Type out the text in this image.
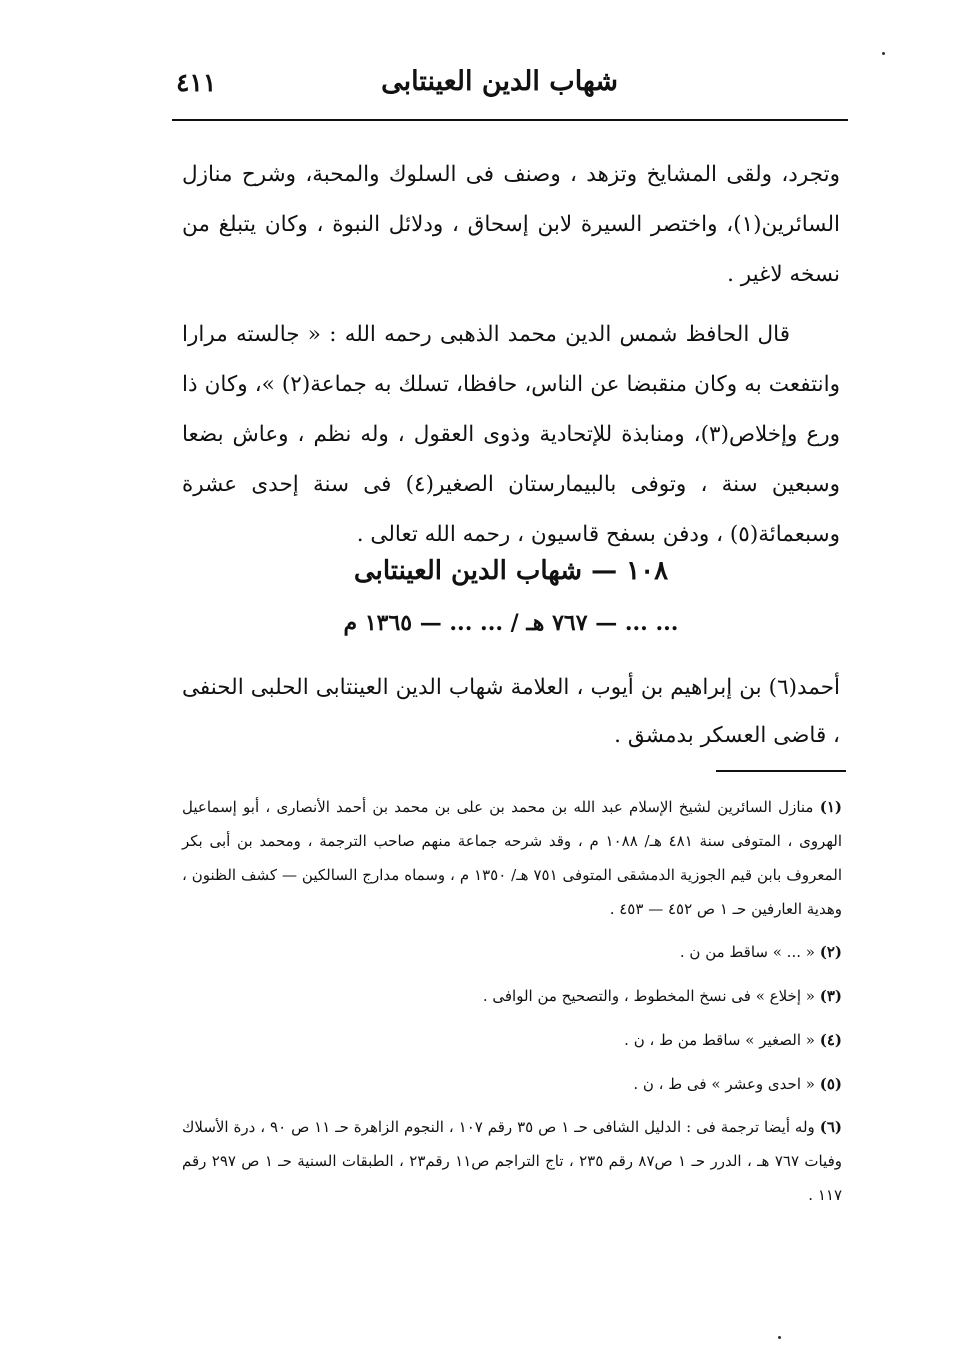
شهاب الدين العينتابى
٤١١

وتجرد، ولقى المشايخ وتزهد ، وصنف فى السلوك والمحبة، وشرح منازل السائرين(١)، واختصر السيرة لابن إسحاق ، ودلائل النبوة ، وكان يتبلغ من نسخه لاغير .

قال الحافظ شمس الدين محمد الذهبى رحمه الله : « جالسته مرارا وانتفعت به وكان منقبضا عن الناس، حافظا، تسلك به جماعة(٢) »، وكان ذا ورع وإخلاص(٣)، ومنابذة للإتحادية وذوى العقول ، وله نظم ، وعاش بضعا وسبعين سنة ، وتوفى بالبيمارستان الصغير(٤) فى سنة إحدى عشرة وسبعمائة(٥) ، ودفن بسفح قاسيون ، رحمه الله تعالى .

١٠٨ — شهاب الدين العينتابى
... ... — ٧٦٧ هـ / ... ... — ١٣٦٥ م

أحمد(٦) بن إبراهيم بن أيوب ، العلامة شهاب الدين العينتابى الحلبى الحنفى ، قاضى العسكر بدمشق .

(١) منازل السائرين لشيخ الإسلام عبد الله بن محمد بن على بن محمد بن أحمد الأنصارى ، أبو إسماعيل الهروى ، المتوفى سنة ٤٨١ هـ/ ١٠٨٨ م ، وقد شرحه جماعة منهم صاحب الترجمة ، ومحمد بن أبى بكر المعروف بابن قيم الجوزية الدمشقى المتوفى ٧٥١ هـ/ ١٣٥٠ م ، وسماه مدارج السالكين — كشف الظنون ، وهدية العارفين حـ ١ ص ٤٥٢ — ٤٥٣ .

(٢) « ... » ساقط من ن .

(٣) « إخلاع » فى نسخ المخطوط ، والتصحيح من الوافى .

(٤) « الصغير » ساقط من ط ، ن .

(٥) « احدى وعشر » فى ط ، ن .

(٦) وله أيضا ترجمة فى : الدليل الشافى حـ ١ ص ٣٥ رقم ١٠٧ ، النجوم الزاهرة حـ ١١ ص ٩٠ ، درة الأسلاك وفيات ٧٦٧ هـ ، الدرر حـ ١ ص٨٧ رقم ٢٣٥ ، تاج التراجم ص١١ رقم٢٣ ، الطبقات السنية حـ ١ ص ٢٩٧ رقم ١١٧ .
